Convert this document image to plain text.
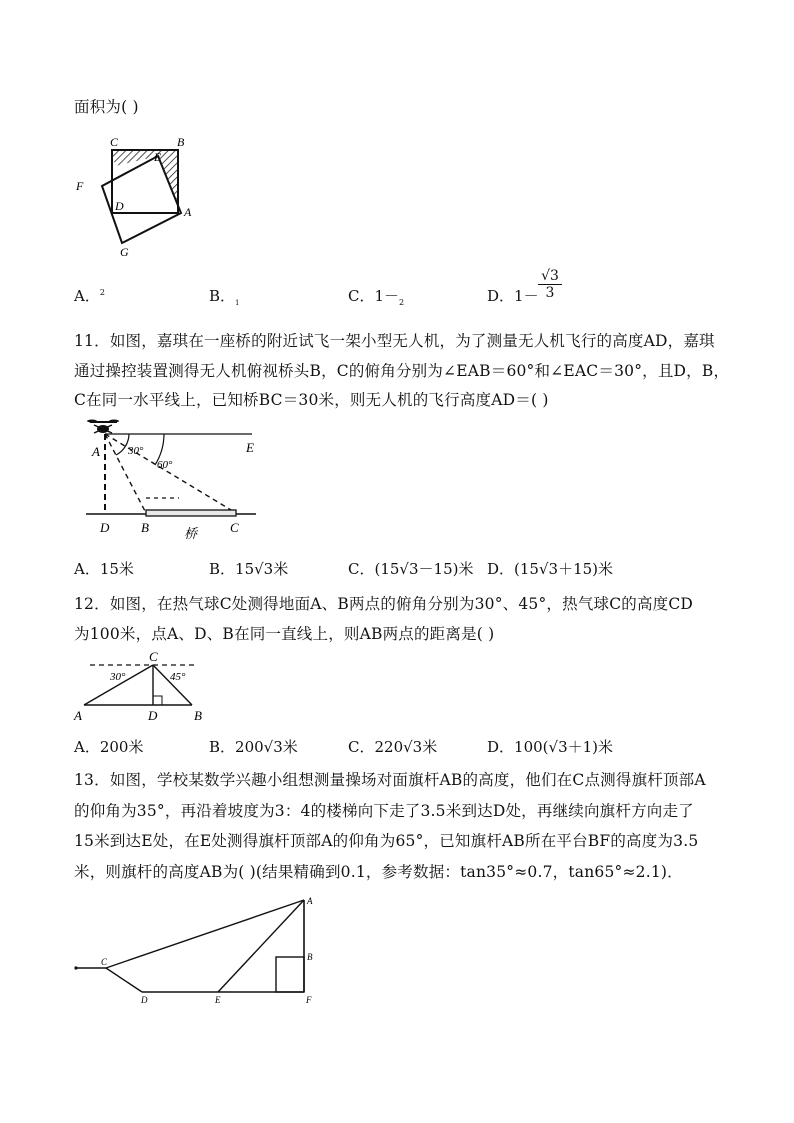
面积为( )
C	B
E
F
D	A
G
A．$^2$	B．$_1$	C．$1-_2$	D．$1- \frac{√3}{3}$
11．如图，嘉琪在一座桥的附近试飞一架小型无人机，为了测量无人机飞行的高度AD，嘉琪
通过操控装置测得无人机俯视桥头B，C的俯角分别为∠EAB＝60°和∠EAC＝30°，且D，B，
C在同一水平线上，已知桥BC＝30米，则无人机的飞行高度AD＝( )
A	E
30°
60°
D B	C
桥
A．15米	B．15√3米	C．(15√3－15)米 D．(15√3＋15)米
12．如图，在热气球C处测得地面A、B两点的俯角分别为30°、45°，热气球C的高度CD
为100米，点A、D、B在同一直线上，则AB两点的距离是( )
C
30°	45°
A	D	B
A．200米	B．200√3米	C．220√3米	D．100(√3＋1)米
13．如图，学校某数学兴趣小组想测量操场对面旗杆AB的高度，他们在C点测得旗杆顶部A
的仰角为35°，再沿着坡度为3：4的楼梯向下走了3.5米到达D处，再继续向旗杆方向走了
15米到达E处，在E处测得旗杆顶部A的仰角为65°，已知旗杆AB所在平台BF的高度为3.5
米，则旗杆的高度AB为( )(结果精确到0.1，参考数据：tan35°≈0.7，tan65°≈2.1)．
A
B
C
D	E	F
